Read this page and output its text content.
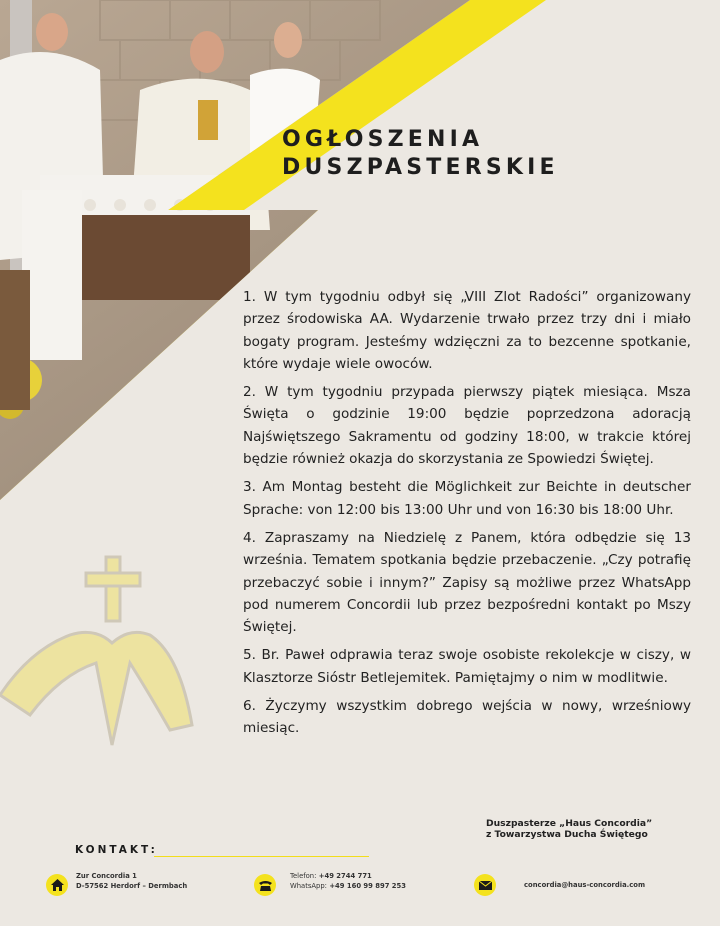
OGŁOSZENIA
DUSZPASTERSKIE

1. W tym tygodniu odbył się „VIII Zlot Radości” organizowany przez środowiska AA. Wydarzenie trwało przez trzy dni i miało bogaty program. Jesteśmy wdzięczni za to bezcenne spotkanie, które wydaje wiele owoców.

2. W tym tygodniu przypada pierwszy piątek miesiąca. Msza Święta o godzinie 19:00 będzie poprzedzona adoracją Najświętszego Sakramentu od godziny 18:00, w trakcie której będzie również okazja do skorzystania ze Spowiedzi Świętej.

3. Am Montag besteht die Möglichkeit zur Beichte in deutscher Sprache: von 12:00 bis 13:00 Uhr und von 16:30 bis 18:00 Uhr.

4. Zapraszamy na Niedzielę z Panem, która odbędzie się 13 września. Tematem spotkania będzie przebaczenie. „Czy potrafię przebaczyć sobie i innym?” Zapisy są możliwe przez WhatsApp pod numerem Concordii lub przez bezpośredni kontakt po Mszy Świętej.

5. Br. Paweł odprawia teraz swoje osobiste rekolekcje w ciszy, w Klasztorze Sióstr Betlejemitek. Pamiętajmy o nim w modlitwie.

6. Życzymy wszystkim dobrego wejścia w nowy, wrześniowy miesiąc.

Duszpasterze „Haus Concordia”
z Towarzystwa Ducha Świętego
KONTAKT:
Zur Concordia 1
D-57562 Herdorf – Dermbach
Telefon: +49 2744 771
WhatsApp: +49 160 99 897 253	concordia@haus-concordia.com
